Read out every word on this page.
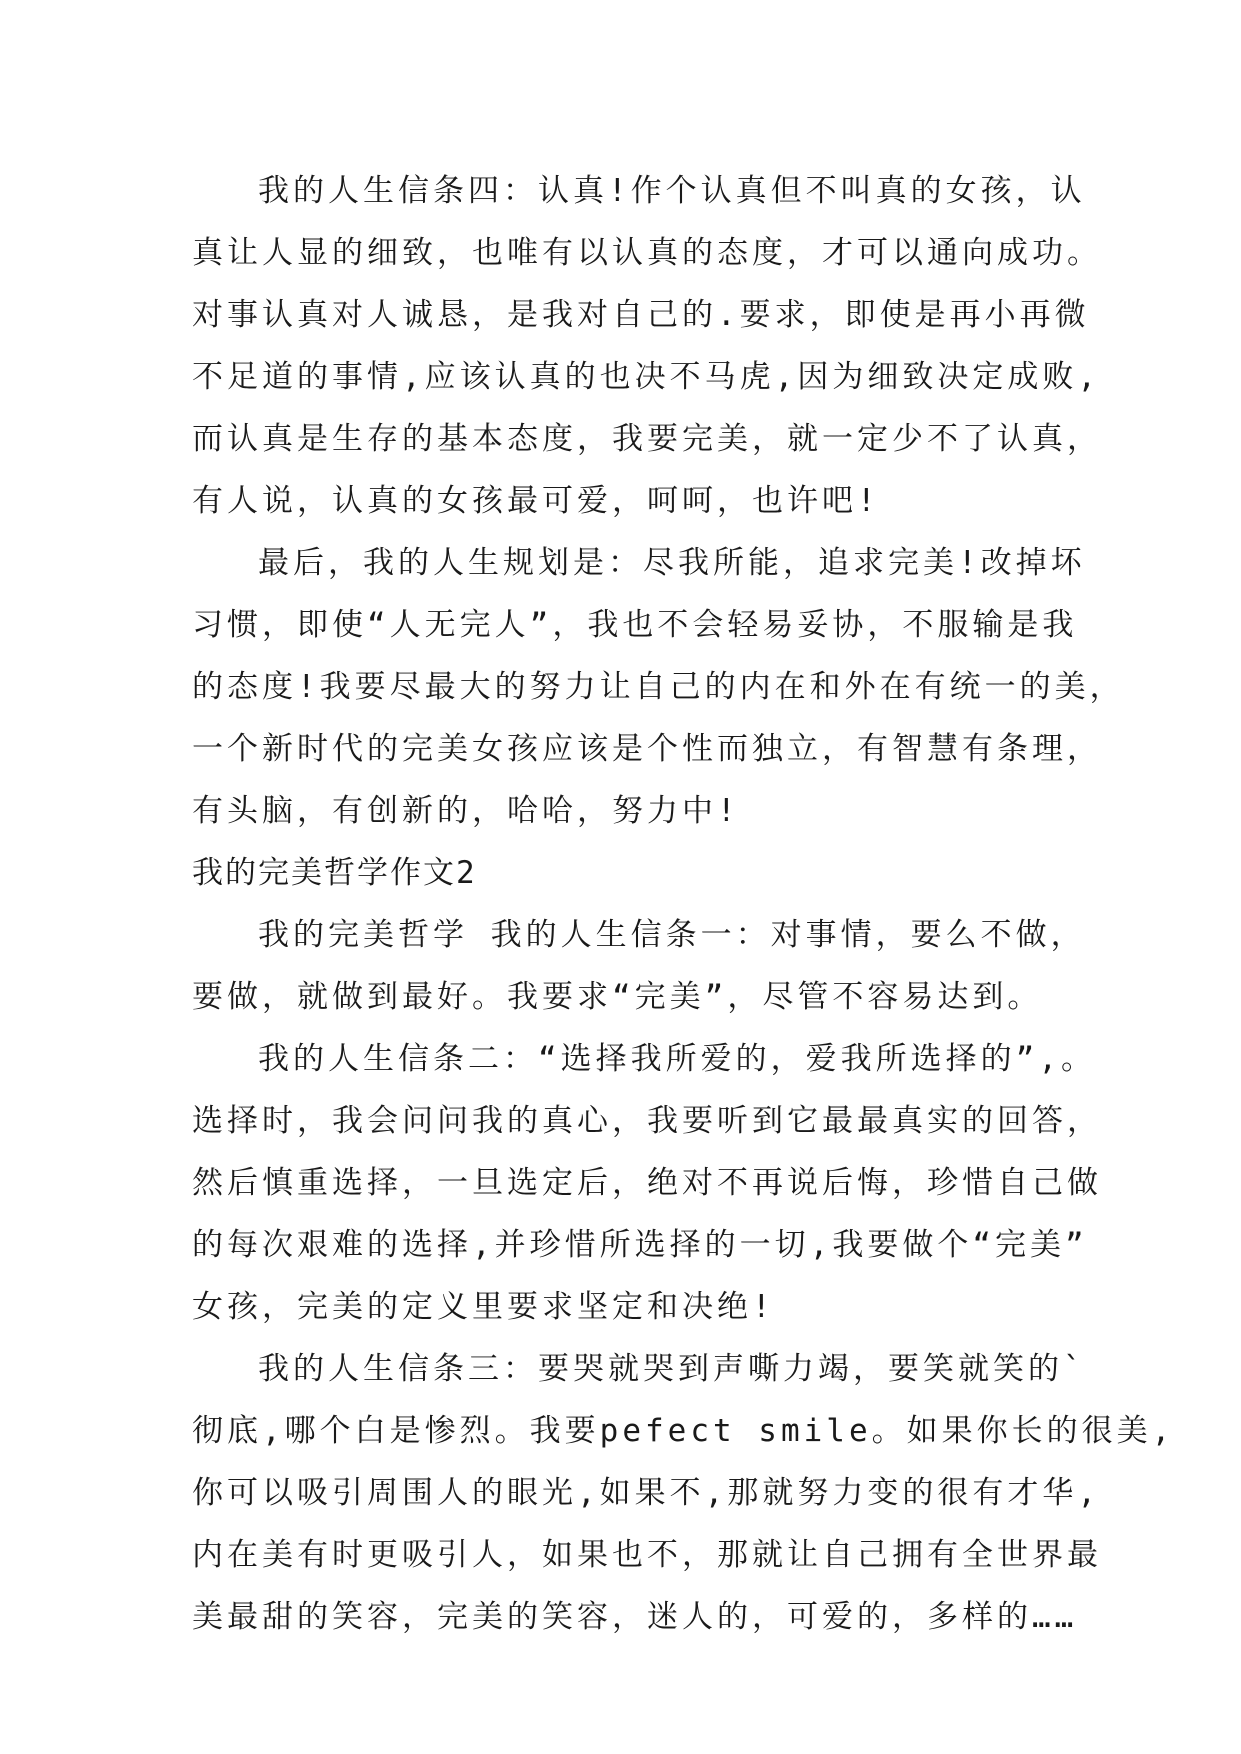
我的人生信条四：认真!作个认真但不叫真的女孩，认
真让人显的细致，也唯有以认真的态度，才可以通向成功。
对事认真对人诚恳，是我对自己的.要求，即使是再小再微
不足道的事情,应该认真的也决不马虎,因为细致决定成败,
而认真是生存的基本态度，我要完美，就一定少不了认真，
有人说，认真的女孩最可爱，呵呵，也许吧!
最后，我的人生规划是：尽我所能，追求完美!改掉坏
习惯，即使“人无完人”，我也不会轻易妥协，不服输是我
的态度!我要尽最大的努力让自己的内在和外在有统一的美，
一个新时代的完美女孩应该是个性而独立，有智慧有条理，
有头脑，有创新的，哈哈，努力中!
我的完美哲学作文2
我的完美哲学 我的人生信条一：对事情，要么不做，
要做，就做到最好。我要求“完美”，尽管不容易达到。
我的人生信条二：“选择我所爱的，爱我所选择的”,。
选择时，我会问问我的真心，我要听到它最最真实的回答，
然后慎重选择，一旦选定后，绝对不再说后悔，珍惜自己做
的每次艰难的选择,并珍惜所选择的一切,我要做个“完美”
女孩，完美的定义里要求坚定和决绝!
我的人生信条三：要哭就哭到声嘶力竭，要笑就笑的`
彻底,哪个白是惨烈。我要pefect smile。如果你长的很美,
你可以吸引周围人的眼光,如果不,那就努力变的很有才华,
内在美有时更吸引人，如果也不，那就让自己拥有全世界最
美最甜的笑容，完美的笑容，迷人的，可爱的，多样的……
